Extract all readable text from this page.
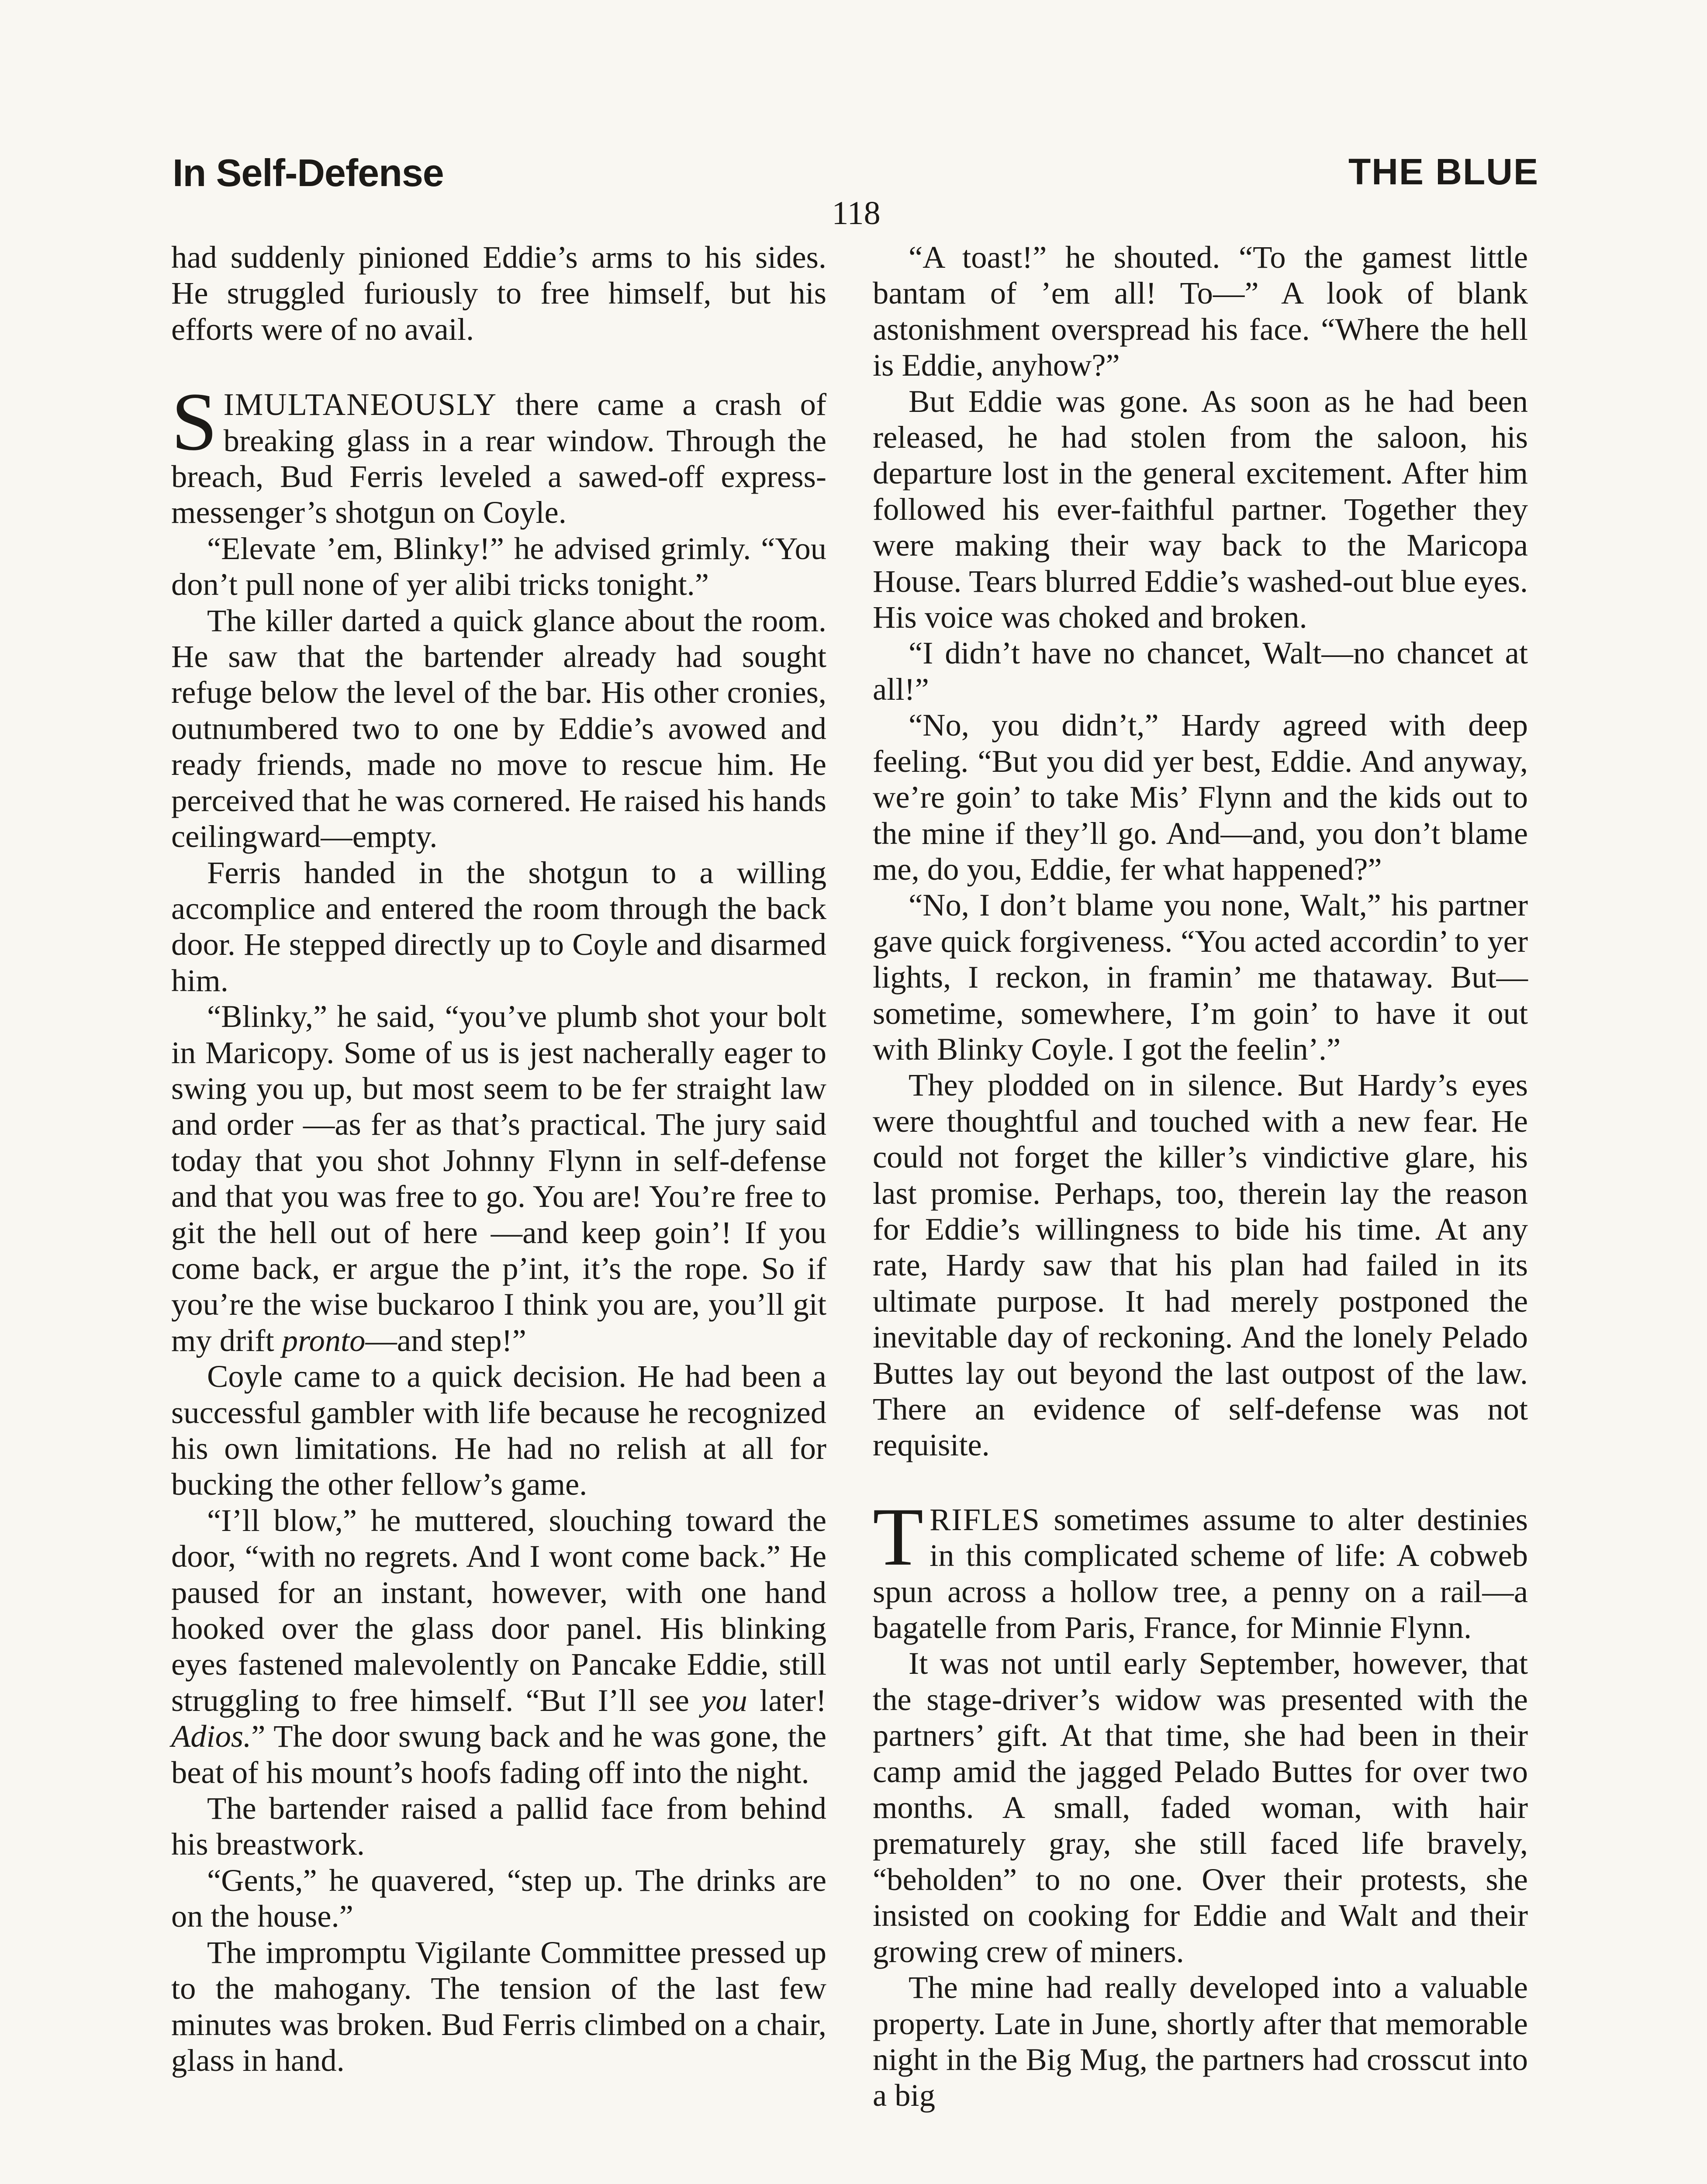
In Self-Defense	THE BLUE
118

had suddenly pinioned Eddie’s arms to his sides. He struggled furiously to free himself, but his efforts were of no avail.

SIMULTANEOUSLY there came a crash of breaking glass in a rear window. Through the breach, Bud Ferris leveled a sawed-off express-messenger’s shotgun on Coyle.

“Elevate ’em, Blinky!” he advised grimly. “You don’t pull none of yer alibi tricks tonight.”

The killer darted a quick glance about the room. He saw that the bartender already had sought refuge below the level of the bar. His other cronies, outnumbered two to one by Eddie’s avowed and ready friends, made no move to rescue him. He perceived that he was cornered. He raised his hands ceilingward—empty.

Ferris handed in the shotgun to a willing accomplice and entered the room through the back door. He stepped directly up to Coyle and disarmed him.

“Blinky,” he said, “you’ve plumb shot your bolt in Maricopy. Some of us is jest nacherally eager to swing you up, but most seem to be fer straight law and order —as fer as that’s practical. The jury said today that you shot Johnny Flynn in self-defense and that you was free to go. You are! You’re free to git the hell out of here —and keep goin’! If you come back, er argue the p’int, it’s the rope. So if you’re the wise buckaroo I think you are, you’ll git my drift pronto—and step!”

Coyle came to a quick decision. He had been a successful gambler with life because he recognized his own limitations. He had no relish at all for bucking the other fellow’s game.

“I’ll blow,” he muttered, slouching toward the door, “with no regrets. And I wont come back.” He paused for an instant, however, with one hand hooked over the glass door panel. His blinking eyes fastened malevolently on Pancake Eddie, still struggling to free himself. “But I’ll see you later! Adios.” The door swung back and he was gone, the beat of his mount’s hoofs fading off into the night.

The bartender raised a pallid face from behind his breastwork.

“Gents,” he quavered, “step up. The drinks are on the house.”

The impromptu Vigilante Committee pressed up to the mahogany. The tension of the last few minutes was broken. Bud Ferris climbed on a chair, glass in hand.

“A toast!” he shouted. “To the gamest little bantam of ’em all! To—” A look of blank astonishment overspread his face. “Where the hell is Eddie, anyhow?”

But Eddie was gone. As soon as he had been released, he had stolen from the saloon, his departure lost in the general excitement. After him followed his ever-faithful partner. Together they were making their way back to the Maricopa House. Tears blurred Eddie’s washed-out blue eyes. His voice was choked and broken.

“I didn’t have no chancet, Walt—no chancet at all!”

“No, you didn’t,” Hardy agreed with deep feeling. “But you did yer best, Eddie. And anyway, we’re goin’ to take Mis’ Flynn and the kids out to the mine if they’ll go. And—and, you don’t blame me, do you, Eddie, fer what happened?”

“No, I don’t blame you none, Walt,” his partner gave quick forgiveness. “You acted accordin’ to yer lights, I reckon, in framin’ me thataway. But—sometime, somewhere, I’m goin’ to have it out with Blinky Coyle. I got the feelin’.”

They plodded on in silence. But Hardy’s eyes were thoughtful and touched with a new fear. He could not forget the killer’s vindictive glare, his last promise. Perhaps, too, therein lay the reason for Eddie’s willingness to bide his time. At any rate, Hardy saw that his plan had failed in its ultimate purpose. It had merely postponed the inevitable day of reckoning. And the lonely Pelado Buttes lay out beyond the last outpost of the law. There an evidence of self-defense was not requisite.

TRIFLES sometimes assume to alter destinies in this complicated scheme of life: A cobweb spun across a hollow tree, a penny on a rail—a bagatelle from Paris, France, for Minnie Flynn.

It was not until early September, however, that the stage-driver’s widow was presented with the partners’ gift. At that time, she had been in their camp amid the jagged Pelado Buttes for over two months. A small, faded woman, with hair prematurely gray, she still faced life bravely, “beholden” to no one. Over their protests, she insisted on cooking for Eddie and Walt and their growing crew of miners.

The mine had really developed into a valuable property. Late in June, shortly after that memorable night in the Big Mug, the partners had crosscut into a big
